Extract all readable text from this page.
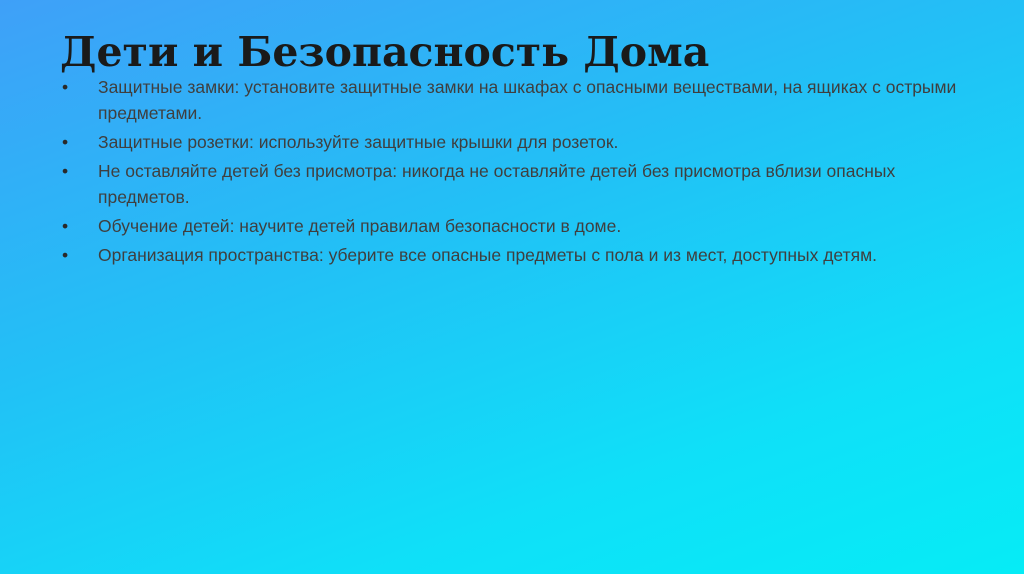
Дети и Безопасность Дома
• Защитные замки: установите защитные замки на шкафах с опасными веществами, на ящиках с острыми предметами.
• Защитные розетки: используйте защитные крышки для розеток.
• Не оставляйте детей без присмотра: никогда не оставляйте детей без присмотра вблизи опасных предметов.
• Обучение детей: научите детей правилам безопасности в доме.
• Организация пространства: уберите все опасные предметы с пола и из мест, доступных детям.
